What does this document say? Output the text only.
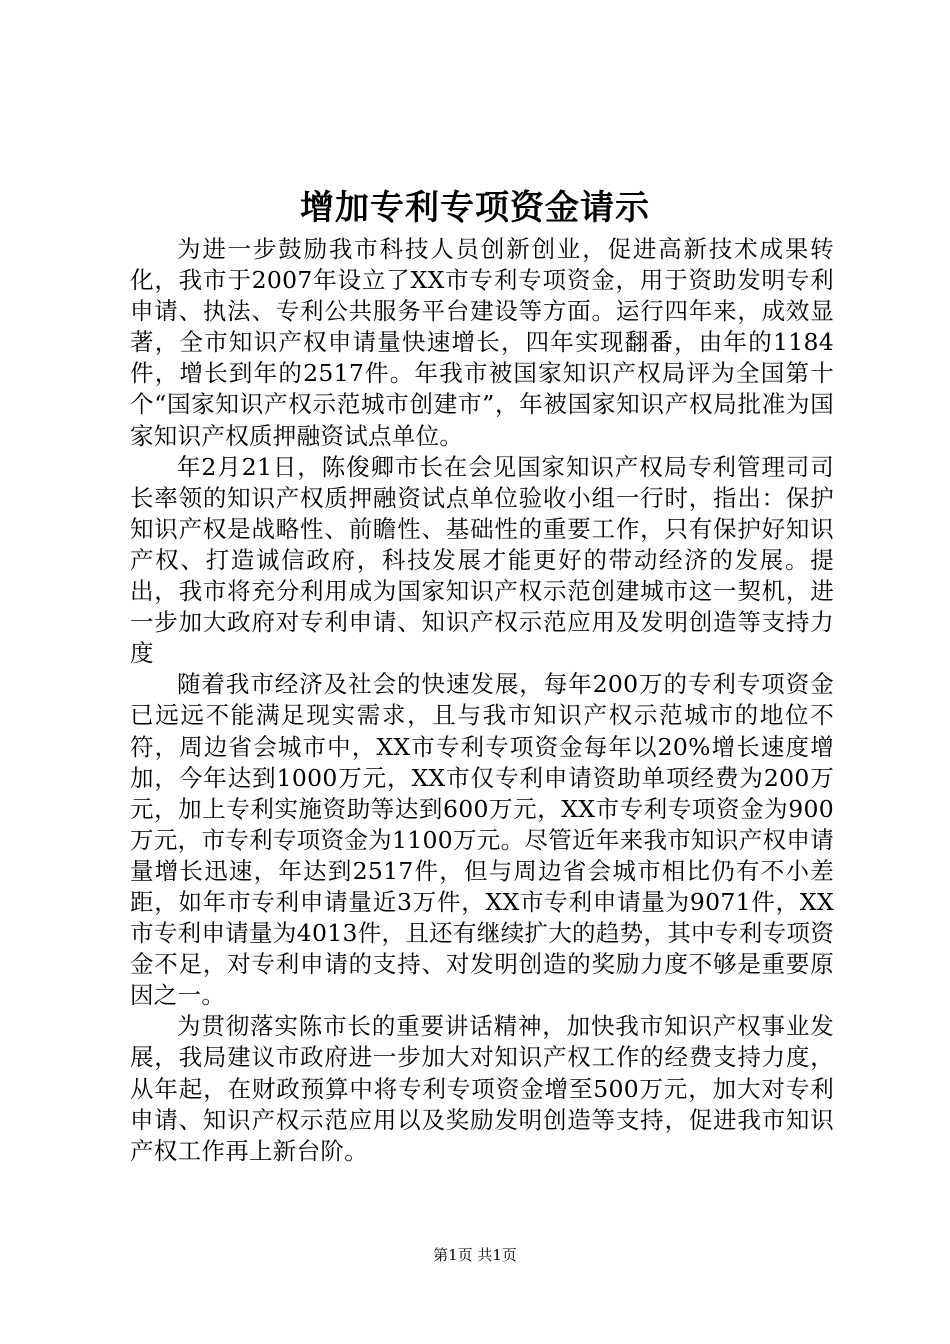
增加专利专项资金请示

为进一步鼓励我市科技人员创新创业，促进高新技术成果转化，我市于2007年设立了XX市专利专项资金，用于资助发明专利申请、执法、专利公共服务平台建设等方面。运行四年来，成效显著，全市知识产权申请量快速增长，四年实现翻番，由年的1184件，增长到年的2517件。年我市被国家知识产权局评为全国第十个“国家知识产权示范城市创建市”，年被国家知识产权局批准为国家知识产权质押融资试点单位。

年2月21日，陈俊卿市长在会见国家知识产权局专利管理司司长率领的知识产权质押融资试点单位验收小组一行时，指出：保护知识产权是战略性、前瞻性、基础性的重要工作，只有保护好知识产权、打造诚信政府，科技发展才能更好的带动经济的发展。提出，我市将充分利用成为国家知识产权示范创建城市这一契机，进一步加大政府对专利申请、知识产权示范应用及发明创造等支持力度

随着我市经济及社会的快速发展，每年200万的专利专项资金已远远不能满足现实需求，且与我市知识产权示范城市的地位不符，周边省会城市中，XX市专利专项资金每年以20%增长速度增加，今年达到1000万元，XX市仅专利申请资助单项经费为200万元，加上专利实施资助等达到600万元，XX市专利专项资金为900万元，市专利专项资金为1100万元。尽管近年来我市知识产权申请量增长迅速，年达到2517件，但与周边省会城市相比仍有不小差距，如年市专利申请量近3万件，XX市专利申请量为9071件，XX市专利申请量为4013件，且还有继续扩大的趋势，其中专利专项资金不足，对专利申请的支持、对发明创造的奖励力度不够是重要原因之一。

为贯彻落实陈市长的重要讲话精神，加快我市知识产权事业发展，我局建议市政府进一步加大对知识产权工作的经费支持力度，从年起，在财政预算中将专利专项资金增至500万元，加大对专利申请、知识产权示范应用以及奖励发明创造等支持，促进我市知识产权工作再上新台阶。

第1页 共1页
